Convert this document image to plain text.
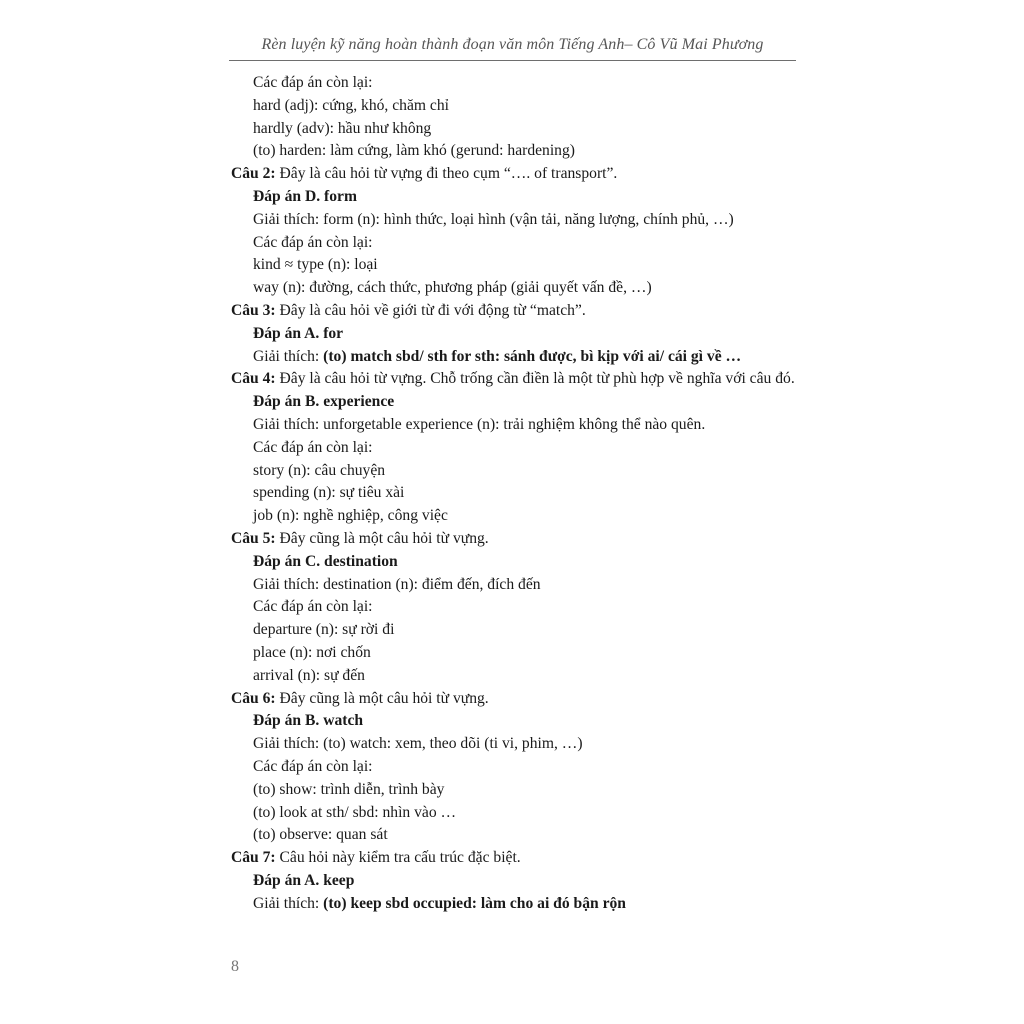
Rèn luyện kỹ năng hoàn thành đoạn văn môn Tiếng Anh– Cô Vũ Mai Phương
Các đáp án còn lại:
hard (adj): cứng, khó, chăm chỉ
hardly (adv): hầu như không
(to) harden: làm cứng, làm khó (gerund: hardening)
Câu 2: Đây là câu hỏi từ vựng đi theo cụm “…. of transport”.
Đáp án D. form
Giải thích: form (n): hình thức, loại hình (vận tải, năng lượng, chính phủ, …)
Các đáp án còn lại:
kind ≈ type (n): loại
way (n): đường, cách thức, phương pháp (giải quyết vấn đề, …)
Câu 3: Đây là câu hỏi về giới từ đi với động từ “match”.
Đáp án A. for
Giải thích: (to) match sbd/ sth for sth: sánh được, bì kịp với ai/ cái gì về …
Câu 4: Đây là câu hỏi từ vựng. Chỗ trống cần điền là một từ phù hợp về nghĩa với câu đó.
Đáp án B. experience
Giải thích: unforgetable experience (n): trải nghiệm không thể nào quên.
Các đáp án còn lại:
story (n): câu chuyện
spending (n): sự tiêu xài
job (n): nghề nghiệp, công việc
Câu 5: Đây cũng là một câu hỏi từ vựng.
Đáp án C. destination
Giải thích: destination (n): điểm đến, đích đến
Các đáp án còn lại:
departure (n): sự rời đi
place (n): nơi chốn
arrival (n): sự đến
Câu 6: Đây cũng là một câu hỏi từ vựng.
Đáp án B. watch
Giải thích: (to) watch: xem, theo dõi (ti vi, phim, …)
Các đáp án còn lại:
(to) show: trình diễn, trình bày
(to) look at sth/ sbd: nhìn vào …
(to) observe: quan sát
Câu 7: Câu hỏi này kiểm tra cấu trúc đặc biệt.
Đáp án A. keep
Giải thích: (to) keep sbd occupied: làm cho ai đó bận rộn
8
